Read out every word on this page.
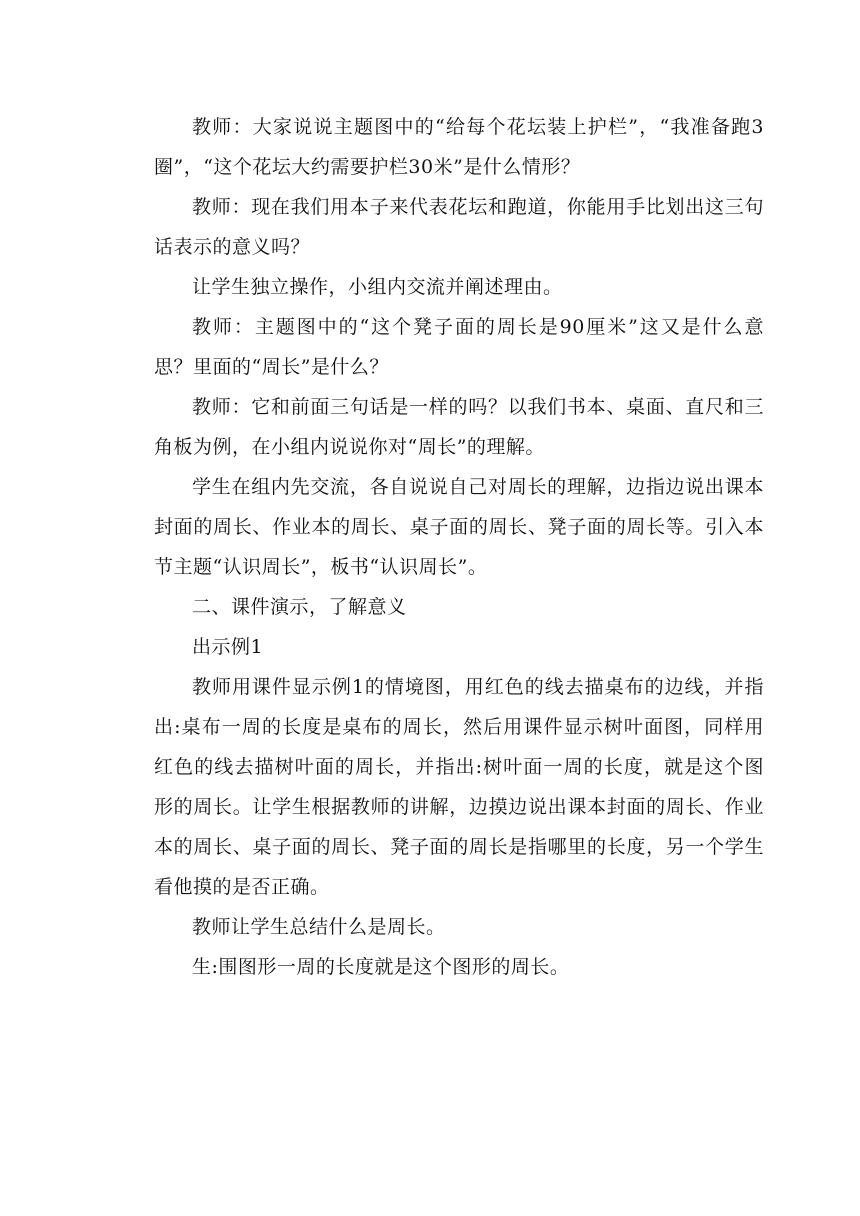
教师：大家说说主题图中的“给每个花坛装上护栏”，“我准备跑3圈”，“这个花坛大约需要护栏30米”是什么情形？

教师：现在我们用本子来代表花坛和跑道，你能用手比划出这三句话表示的意义吗？

让学生独立操作，小组内交流并阐述理由。

教师：主题图中的“这个凳子面的周长是90厘米”这又是什么意思？里面的“周长”是什么？

教师：它和前面三句话是一样的吗？以我们书本、桌面、直尺和三角板为例，在小组内说说你对“周长”的理解。

学生在组内先交流，各自说说自己对周长的理解，边指边说出课本封面的周长、作业本的周长、桌子面的周长、凳子面的周长等。引入本节主题“认识周长”，板书“认识周长”。

二、课件演示，了解意义

出示例1

教师用课件显示例1的情境图，用红色的线去描桌布的边线，并指出:桌布一周的长度是桌布的周长，然后用课件显示树叶面图，同样用红色的线去描树叶面的周长，并指出:树叶面一周的长度，就是这个图形的周长。让学生根据教师的讲解，边摸边说出课本封面的周长、作业本的周长、桌子面的周长、凳子面的周长是指哪里的长度，另一个学生看他摸的是否正确。

教师让学生总结什么是周长。

生:围图形一周的长度就是这个图形的周长。
